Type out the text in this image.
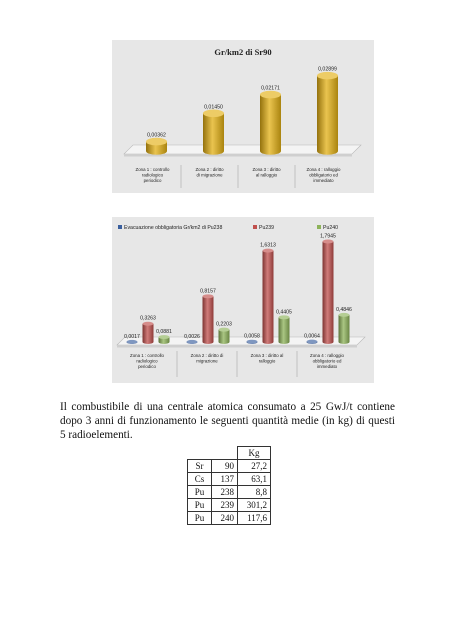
Gr/km2 di Sr90
0,00362
Zona 1 : controllo radiologico periodico
0,01450
Zona 2 : diritto di migrazione
0,02171
Zona 3 : diritto al ralloggio
0,02899
Zona 4 : ralloggio obbligatorio ed immediato
Evacuazione obbligatoria Gr/km2 di Pu238	Pu239	Pu240
0,0017
0,3263
0,0881
Zona 1 : controllo radiologico periodico
0,0026
0,8157
0,2203
Zona 2 : diritto di migrazione
0,0058
1,6313
0,4405
Zona 3 : diritto al ralloggio
0,0064
1,7945
0,4846
Zona 4 : ralloggio obbligatorio ed immediato

Il combustibile di una centrale atomica consumato a 25 GwJ/t contiene dopo 3 anni di funzionamento le seguenti quantità medie (in kg) di questi 5 radioelementi.

		Kg
Sr	90	27,2
Cs	137	63,1
Pu	238	8,8
Pu	239	301,2
Pu	240	117,6
